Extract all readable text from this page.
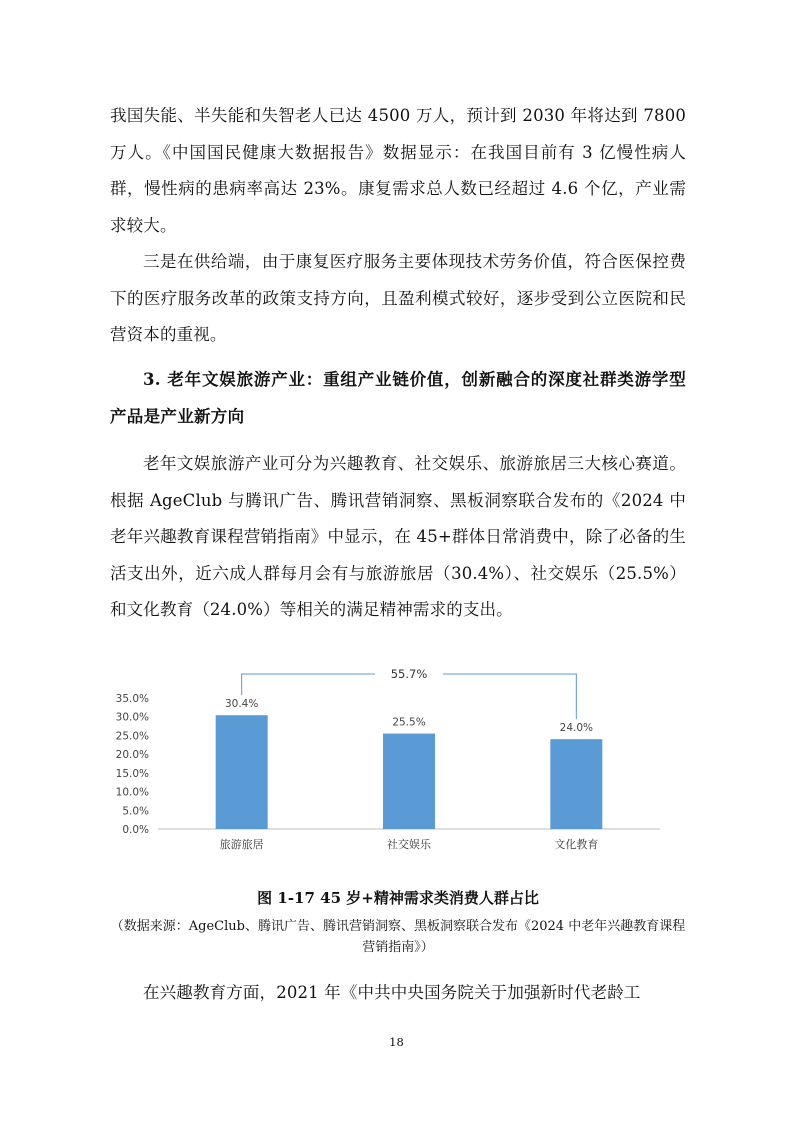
我国失能、半失能和失智老人已达 4500 万人，预计到 2030 年将达到 7800 万人。《中国国民健康大数据报告》数据显示：在我国目前有 3 亿慢性病人群，慢性病的患病率高达 23%。康复需求总人数已经超过 4.6 个亿，产业需求较大。

三是在供给端，由于康复医疗服务主要体现技术劳务价值，符合医保控费下的医疗服务改革的政策支持方向，且盈利模式较好，逐步受到公立医院和民营资本的重视。

3. 老年文娱旅游产业：重组产业链价值，创新融合的深度社群类游学型产品是产业新方向

老年文娱旅游产业可分为兴趣教育、社交娱乐、旅游旅居三大核心赛道。根据 AgeClub 与腾讯广告、腾讯营销洞察、黑板洞察联合发布的《2024 中老年兴趣教育课程营销指南》中显示，在 45+群体日常消费中，除了必备的生活支出外，近六成人群每月会有与旅游旅居（30.4%）、社交娱乐（25.5%）和文化教育（24.0%）等相关的满足精神需求的支出。

0.0%
5.0%
10.0%
15.0%
20.0%
25.0%
30.0%
35.0%	30.4%
25.5%	24.0%
旅游旅居	社交娱乐	文化教育
55.7%

图 1-17 45 岁+精神需求类消费人群占比

（数据来源：AgeClub、腾讯广告、腾讯营销洞察、黑板洞察联合发布《2024 中老年兴趣教育课程营销指南》）

在兴趣教育方面，2021 年《中共中央国务院关于加强新时代老龄工

18
